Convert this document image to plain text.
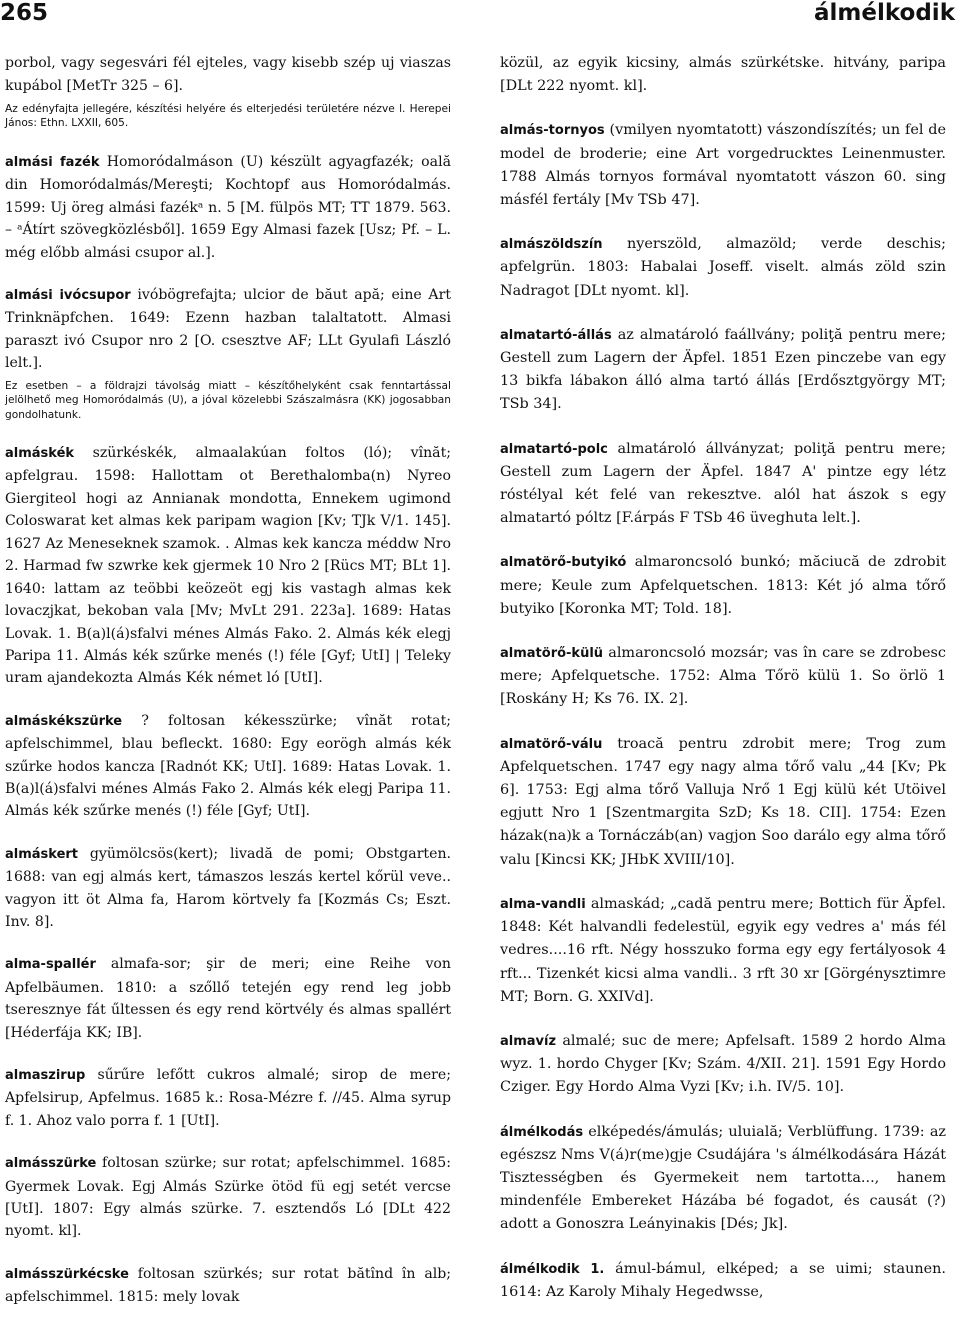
265	álmélkodik
porbol, vagy segesvári fél ejteles, vagy kisebb szép uj viaszas kupábol [MetTr 325 – 6].
Az edényfajta jellegére, készítési helyére és elterjedési területére nézve l. Herepei János: Ethn. LXXII, 605.
almási fazék Homoródalmáson (U) készült agyagfazék; oală din Homoródalmás/Mereşti; Kochtopf aus Homoródalmás. 1599: Uj öreg almási fazékᵃ n. 5 [M. fülpös MT; TT 1879. 563. – ᵃÁtírt szövegközlésből]. 1659 Egy Almasi fazek [Usz; Pf. – L. még előbb almási csupor al.].
almási ivócsupor ivóbögrefajta; ulcior de băut apă; eine Art Trinknäpfchen. 1649: Ezenn hazban talaltatott. Almasi paraszt ivó Csupor nro 2 [O. csesztve AF; LLt Gyulafi László lelt.].
Ez esetben – a földrajzi távolság miatt – készítőhelyként csak fenntartással jelölhető meg Homoródalmás (U), a jóval közelebbi Szászalmásra (KK) jogosabban gondolhatunk.
almáskék szürkéskék, almaalakúan foltos (ló); vînăt; apfelgrau. 1598: Hallottam ot Berethalomba(n) Nyreo Giergiteol hogi az Annianak mondotta, Ennekem ugimond Coloswarat ket almas kek paripam wagion [Kv; TJk V/1. 145]. 1627 Az Meneseknek szamok. . Almas kek kancza méddw Nro 2. Harmad fw szwrke kek gjermek 10 Nro 2 [Rücs MT; BLt 1]. 1640: lattam az teöbbi keözeöt egj kis vastagh almas kek lovaczjkat, bekoban vala [Mv; MvLt 291. 223a]. 1689: Hatas Lovak. 1. B(a)l(á)sfalvi ménes Almás Fako. 2. Almás kék elegj Paripa 11. Almás kék szűrke menés (!) féle [Gyf; UtI] | Teleky uram ajandekozta Almás Kék német ló [UtI].
almáskékszürke ? foltosan kékesszürke; vînăt rotat; apfelschimmel, blau befleckt. 1680: Egy eorögh almás kék szűrke hodos kancza [Radnót KK; UtI]. 1689: Hatas Lovak. 1. B(a)l(á)sfalvi ménes Almás Fako 2. Almás kék elegj Paripa 11. Almás kék szűrke menés (!) féle [Gyf; UtI].
almáskert gyümölcsös(kert); livadă de pomi; Obstgarten. 1688: van egj almás kert, támaszos leszás kertel kőrül veve.. vagyon itt öt Alma fa, Harom körtvely fa [Kozmás Cs; Eszt. Inv. 8].
alma-spallér almafa-sor; şir de meri; eine Reihe von Apfelbäumen. 1810: a szőllő tetején egy rend leg jobb tseresznye fát űltessen és egy rend körtvély és almas spallért [Héderfája KK; IB].
almaszirup sűrűre lefőtt cukros almalé; sirop de mere; Apfelsirup, Apfelmus. 1685 k.: Rosa-Mézre f. //45. Alma syrup f. 1. Ahoz valo porra f. 1 [UtI].
almásszürke foltosan szürke; sur rotat; apfelschimmel. 1685: Gyermek Lovak. Egj Almás Szürke ötöd fü egj setét vercse [UtI]. 1807: Egy almás szürke. 7. esztendős Ló [DLt 422 nyomt. kl].
almásszürkécske foltosan szürkés; sur rotat bătînd în alb; apfelschimmel. 1815: mely lovak
közül, az egyik kicsiny, almás szürkétske. hitvány, paripa [DLt 222 nyomt. kl].
almás-tornyos (vmilyen nyomtatott) vászondíszítés; un fel de model de broderie; eine Art vorgedrucktes Leinenmuster. 1788 Almás tornyos formával nyomtatott vászon 60. sing másfél fertály [Mv TSb 47].
almászöldszín nyerszöld, almazöld; verde deschis; apfelgrün. 1803: Habalai Joseff. viselt. almás zöld szin Nadragot [DLt nyomt. kl].
almatartó-állás az almatároló faállvány; poliţă pentru mere; Gestell zum Lagern der Äpfel. 1851 Ezen pinczebe van egy 13 bikfa lábakon álló alma tartó állás [Erdősztgyörgy MT; TSb 34].
almatartó-polc almatároló állványzat; poliţă pentru mere; Gestell zum Lagern der Äpfel. 1847 A' pintze egy létz róstélyal két felé van rekesztve. alól hat ászok s egy almatartó póltz [F.árpás F TSb 46 üveghuta lelt.].
almatörő-butyikó almaroncsoló bunkó; măciucă de zdrobit mere; Keule zum Apfelquetschen. 1813: Két jó alma tőrő butyiko [Koronka MT; Told. 18].
almatörő-külü almaroncsoló mozsár; vas în care se zdrobesc mere; Apfelquetsche. 1752: Alma Tőrö külü 1. So örlö 1 [Roskány H; Ks 76. IX. 2].
almatörő-válu troacă pentru zdrobit mere; Trog zum Apfelquetschen. 1747 egy nagy alma tőrő valu „44 [Kv; Pk 6]. 1753: Egj alma tőrő Valluja Nrő 1 Egj külü két Utöivel egjutt Nro 1 [Szentmargita SzD; Ks 18. CII]. 1754: Ezen házak(na)k a Tornáczáb(an) vagjon Soo darálo egy alma tőrő valu [Kincsi KK; JHbK XVIII/10].
alma-vandli almaskád; „cadă pentru mere; Bottich für Äpfel. 1848: Két halvandli fedelestül, egyik egy vedres a' más fél vedres....16 rft. Négy hosszuko forma egy egy fertályosok 4 rft... Tizenkét kicsi alma vandli.. 3 rft 30 xr [Görgénysztimre MT; Born. G. XXIVd].
almavíz almalé; suc de mere; Apfelsaft. 1589 2 hordo Alma wyz. 1. hordo Chyger [Kv; Szám. 4/XII. 21]. 1591 Egy Hordo Cziger. Egy Hordo Alma Vyzi [Kv; i.h. IV/5. 10].
álmélkodás elképedés/ámulás; uluială; Verblüffung. 1739: az egészsz Nms V(á)r(me)gje Csudájára 's álmélkodására Házát Tisztességben és Gyermekeit nem tartotta..., hanem mindenféle Embereket Házába bé fogadot, és causát (?) adott a Gonoszra Leányinakis [Dés; Jk].
álmélkodik 1. ámul-bámul, elképed; a se uimi; staunen. 1614: Az Karoly Mihaly Hegedwsse,
